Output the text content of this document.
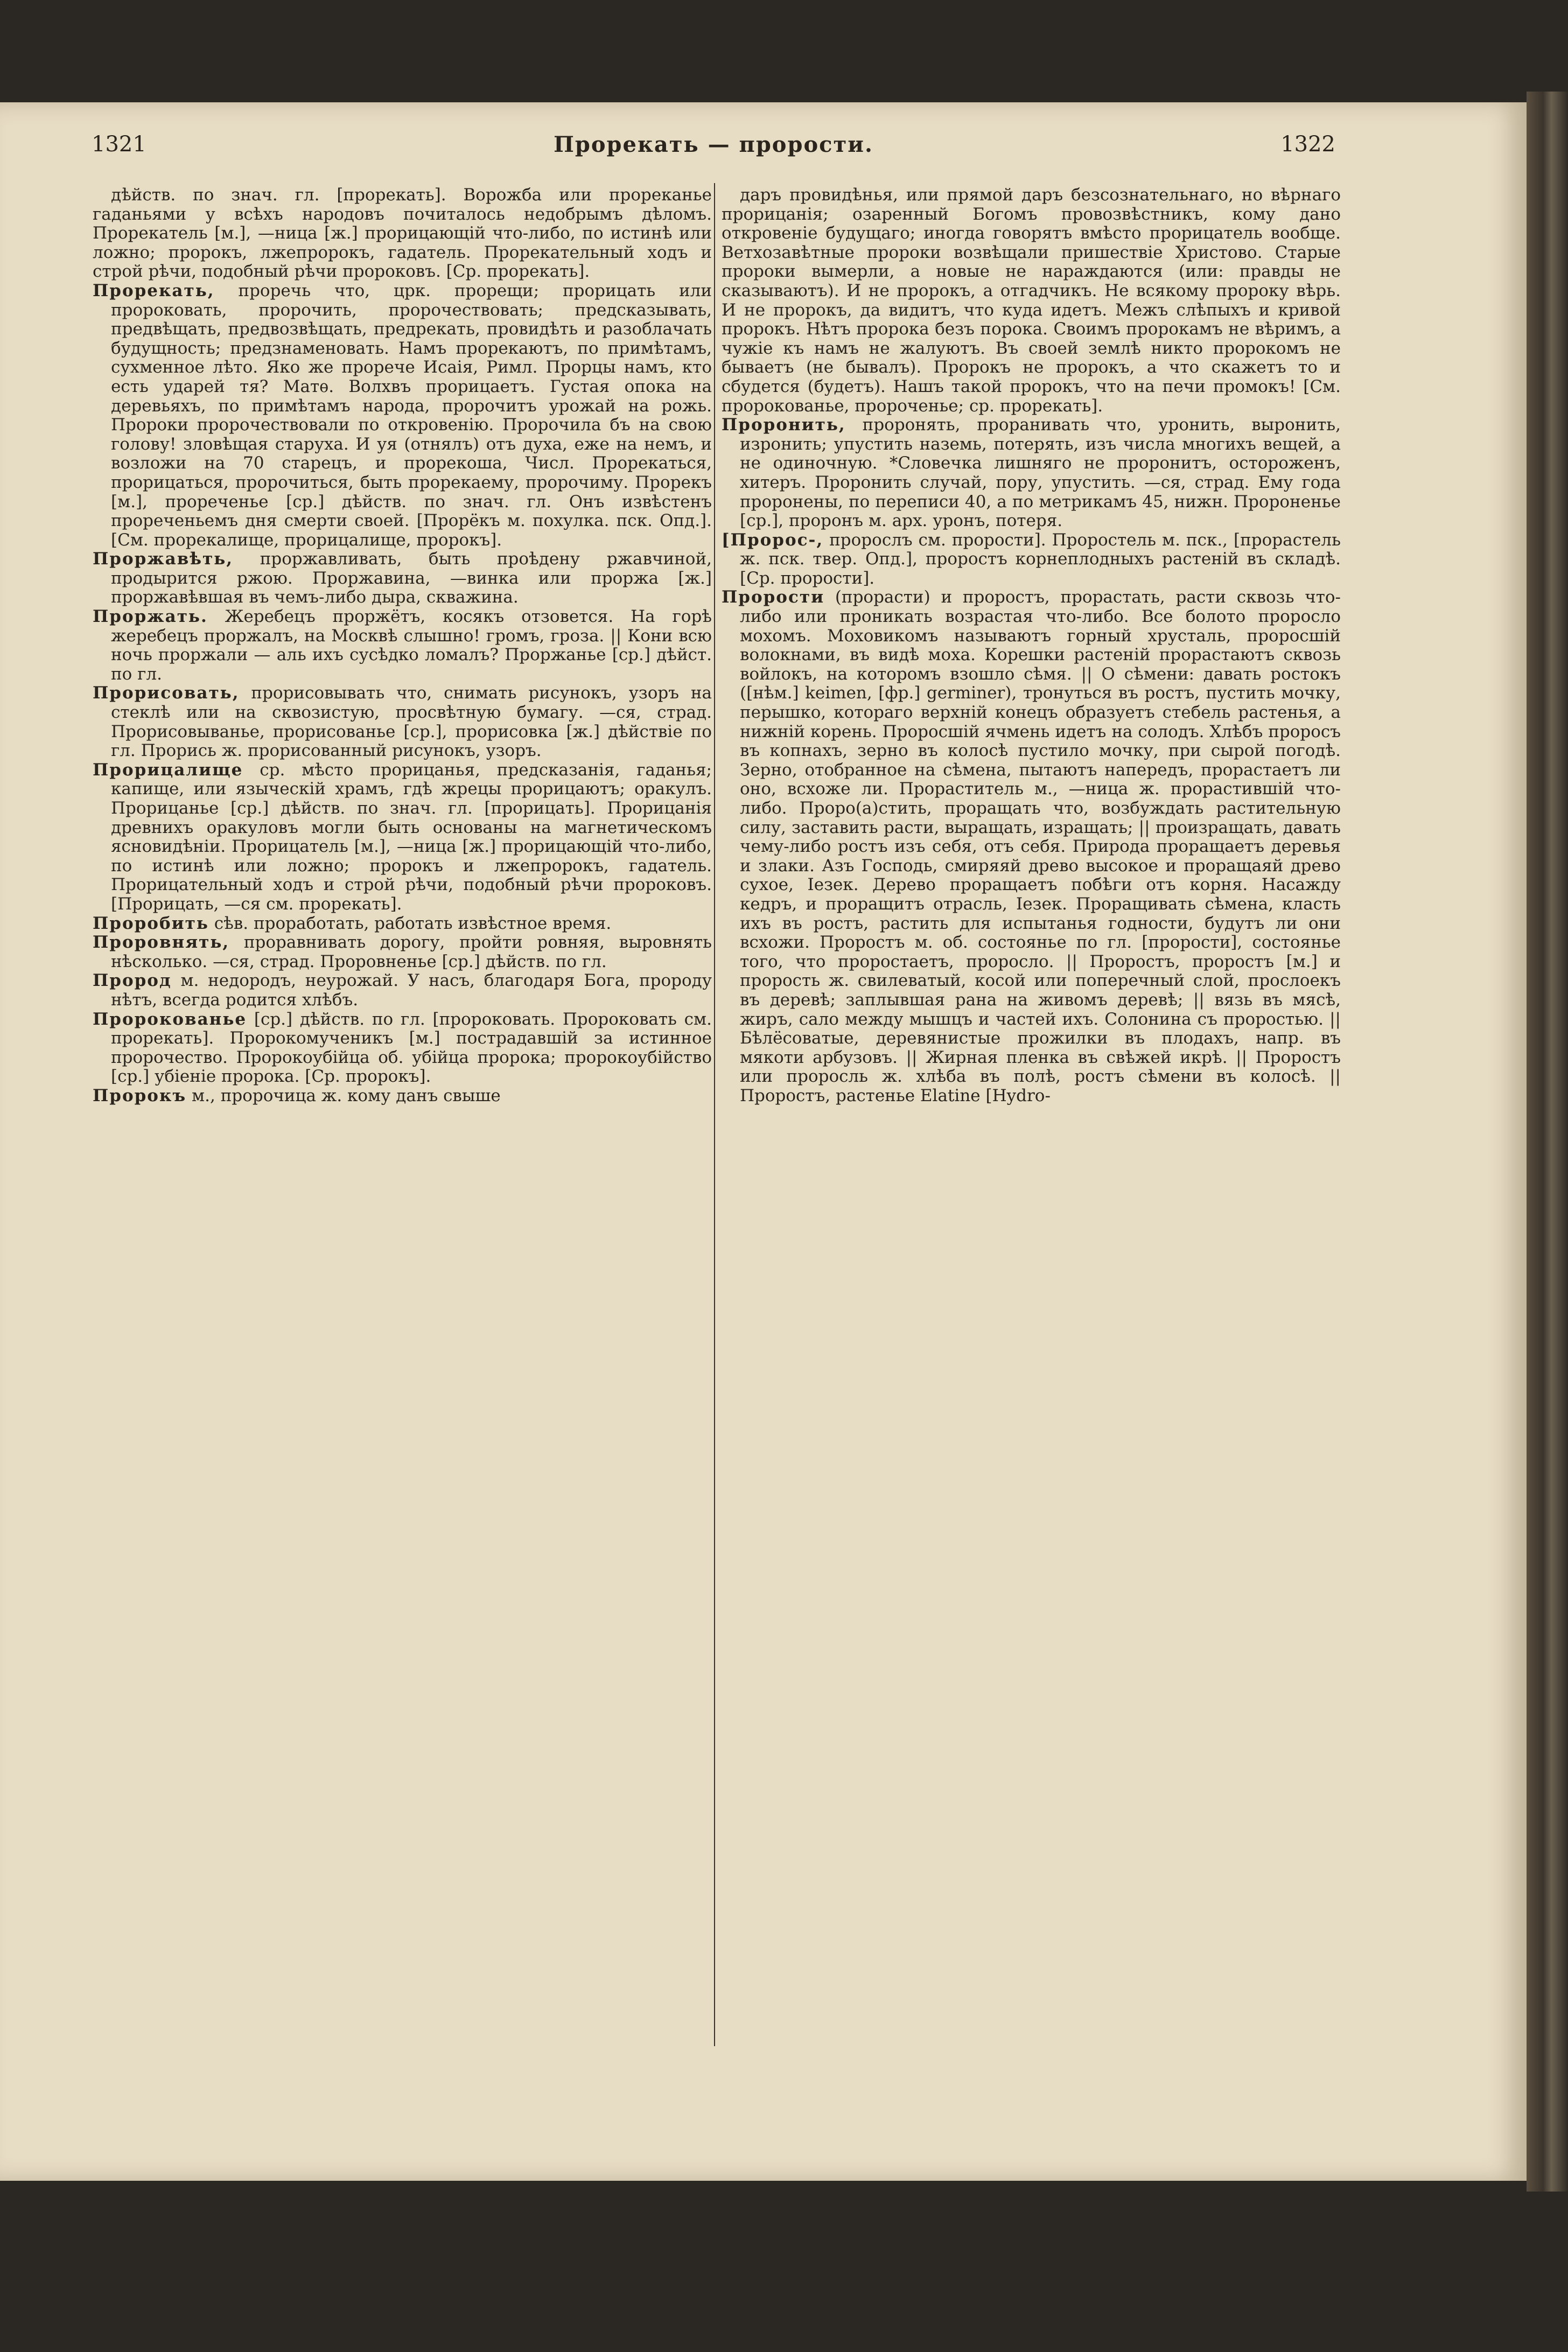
1321	Прорекать — прорости.	1322

дѣйств. по знач. гл. [прорекать]. Ворожба или прореканье гаданьями у всѣхъ народовъ почиталось недобрымъ дѣломъ. Прорекатель [м.], —ница [ж.] прорицающій что-либо, по истинѣ или ложно; пророкъ, лжепророкъ, гадатель. Прорекательный ходъ и строй рѣчи, подобный рѣчи пророковъ. [Ср. прорекать].

Прорекать, проречь что, црк. прорещи; прорицать или пророковать, пророчить, пророчествовать; предсказывать, предвѣщать, предвозвѣщать, предрекать, провидѣть и разоблачать будущность; предзнаменовать. Намъ прорекаютъ, по примѣтамъ, сухменное лѣто. Яко же прорече Исаія, Римл. Прорцы намъ, кто есть ударей тя? Матѳ. Волхвъ прорицаетъ. Густая опока на деревьяхъ, по примѣтамъ народа, пророчитъ урожай на рожь. Пророки пророчествовали по откровенію. Пророчила бъ на свою голову! зловѣщая старуха. И уя (отнялъ) отъ духа, еже на немъ, и возложи на 70 старецъ, и прорекоша, Числ. Прорекаться, прорицаться, пророчиться, быть прорекаему, пророчиму. Прорекъ [м.], прореченье [ср.] дѣйств. по знач. гл. Онъ извѣстенъ прореченьемъ дня смерти своей. [Прорёкъ м. похулка. пск. Опд.]. [См. прорекалище, прорицалище, пророкъ].

Проржавѣть, проржавливать, быть проѣдену ржавчиной, продырится ржою. Проржавина, —винка или проржа [ж.] проржавѣвшая въ чемъ-либо дыра, скважина.

Проржать. Жеребецъ проржётъ, косякъ отзовется. На горѣ жеребецъ проржалъ, на Москвѣ слышно! громъ, гроза. || Кони всю ночь проржали — аль ихъ сусѣдко ломалъ? Проржанье [ср.] дѣйст. по гл.

Прорисовать, прорисовывать что, снимать рисунокъ, узоръ на стеклѣ или на сквозистую, просвѣтную бумагу. —ся, страд. Прорисовыванье, прорисованье [ср.], прорисовка [ж.] дѣйствіе по гл. Прорись ж. прорисованный рисунокъ, узоръ.

Прорицалище ср. мѣсто прорицанья, предсказанія, гаданья; капище, или языческій храмъ, гдѣ жрецы прорицаютъ; оракулъ. Прорицанье [ср.] дѣйств. по знач. гл. [прорицать]. Прорицанія древнихъ оракуловъ могли быть основаны на магнетическомъ ясновидѣніи. Прорицатель [м.], —ница [ж.] прорицающій что-либо, по истинѣ или ложно; пророкъ и лжепророкъ, гадатель. Прорицательный ходъ и строй рѣчи, подобный рѣчи пророковъ. [Прорицать, —ся см. прорекать].

Проробить сѣв. проработать, работать извѣстное время.

Проровнять, проравнивать дорогу, пройти ровняя, выровнять нѣсколько. —ся, страд. Проровненье [ср.] дѣйств. по гл.

Прород м. недородъ, неурожай. У насъ, благодаря Бога, пророду нѣтъ, всегда родится хлѣбъ.

Пророкованье [ср.] дѣйств. по гл. [пророковать. Пророковать см. прорекать]. Пророкомученикъ [м.] пострадавшій за истинное пророчество. Пророкоубійца об. убійца пророка; пророкоубійство [ср.] убіеніе пророка. [Ср. пророкъ].

Пророкъ м., пророчица ж. кому данъ свыше

даръ провидѣнья, или прямой даръ безсознательнаго, но вѣрнаго прорицанія; озаренный Богомъ провозвѣстникъ, кому дано откровеніе будущаго; иногда говорятъ вмѣсто прорицатель вообще. Ветхозавѣтные пророки возвѣщали пришествіе Христово. Старые пророки вымерли, а новые не нараждаются (или: правды не сказываютъ). И не пророкъ, а отгадчикъ. Не всякому пророку вѣрь. И не пророкъ, да видитъ, что куда идетъ. Межъ слѣпыхъ и кривой пророкъ. Нѣтъ пророка безъ порока. Своимъ пророкамъ не вѣримъ, а чужіе къ намъ не жалуютъ. Въ своей землѣ никто пророкомъ не бываетъ (не бывалъ). Пророкъ не пророкъ, а что скажетъ то и сбудется (будетъ). Нашъ такой пророкъ, что на печи промокъ! [См. пророкованье, пророченье; ср. прорекать].

Проронить, проронять, проранивать что, уронить, выронить, изронить; упустить наземь, потерять, изъ числа многихъ вещей, а не одиночную. *Словечка лишняго не проронитъ, остороженъ, хитеръ. Проронить случай, пору, упустить. —ся, страд. Ему года проронены, по переписи 40, а по метрикамъ 45, нижн. Пророненье [ср.], проронъ м. арх. уронъ, потеря.

[Пророс-, пророслъ см. прорости]. Проростель м. пск., [прорастель ж. пск. твер. Опд.], проростъ корнеплодныхъ растеній въ складѣ. [Ср. прорости].

Прорости (прорасти) и проростъ, прорастать, расти сквозь что-либо или проникать возрастая что-либо. Все болото проросло мохомъ. Моховикомъ называютъ горный хрусталь, проросшій волокнами, въ видѣ моха. Корешки растеній прорастаютъ сквозь войлокъ, на которомъ взошло сѣмя. || О сѣмени: давать ростокъ ([нѣм.] keimen, [фр.] germiner), тронуться въ ростъ, пустить мочку, перышко, котораго верхній конецъ образуетъ стебель растенья, а нижній корень. Проросшій ячмень идетъ на солодъ. Хлѣбъ проросъ въ копнахъ, зерно въ колосѣ пустило мочку, при сырой погодѣ. Зерно, отобранное на сѣмена, пытаютъ напередъ, прорастаетъ ли оно, всхоже ли. Прораститель м., —ница ж. прорастившій что-либо. Проро(а)стить, проращать что, возбуждать растительную силу, заставить расти, выращать, изращать; || произращать, давать чему-либо ростъ изъ себя, отъ себя. Природа проращаетъ деревья и злаки. Азъ Господь, смиряяй древо высокое и проращаяй древо сухое, Iезек. Дерево проращаетъ побѣги отъ корня. Насажду кедръ, и проращитъ отрасль, Iезек. Проращивать сѣмена, класть ихъ въ ростъ, растить для испытанья годности, будутъ ли они всхожи. Проростъ м. об. состоянье по гл. [прорости], состоянье того, что проростаетъ, проросло. || Проростъ, проростъ [м.] и пророcть ж. свилеватый, косой или поперечный слой, прослоекъ въ деревѣ; заплывшая рана на живомъ деревѣ; || вязь въ мясѣ, жиръ, сало между мышцъ и частей ихъ. Солонина съ проростью. || Бѣлёсоватые, деревянистые прожилки въ плодахъ, напр. въ мякоти арбузовъ. || Жирная пленка въ свѣжей икрѣ. || Проростъ или проросль ж. хлѣба въ полѣ, ростъ сѣмени въ колосѣ. || Проростъ, растенье Elatine [Hydro-
